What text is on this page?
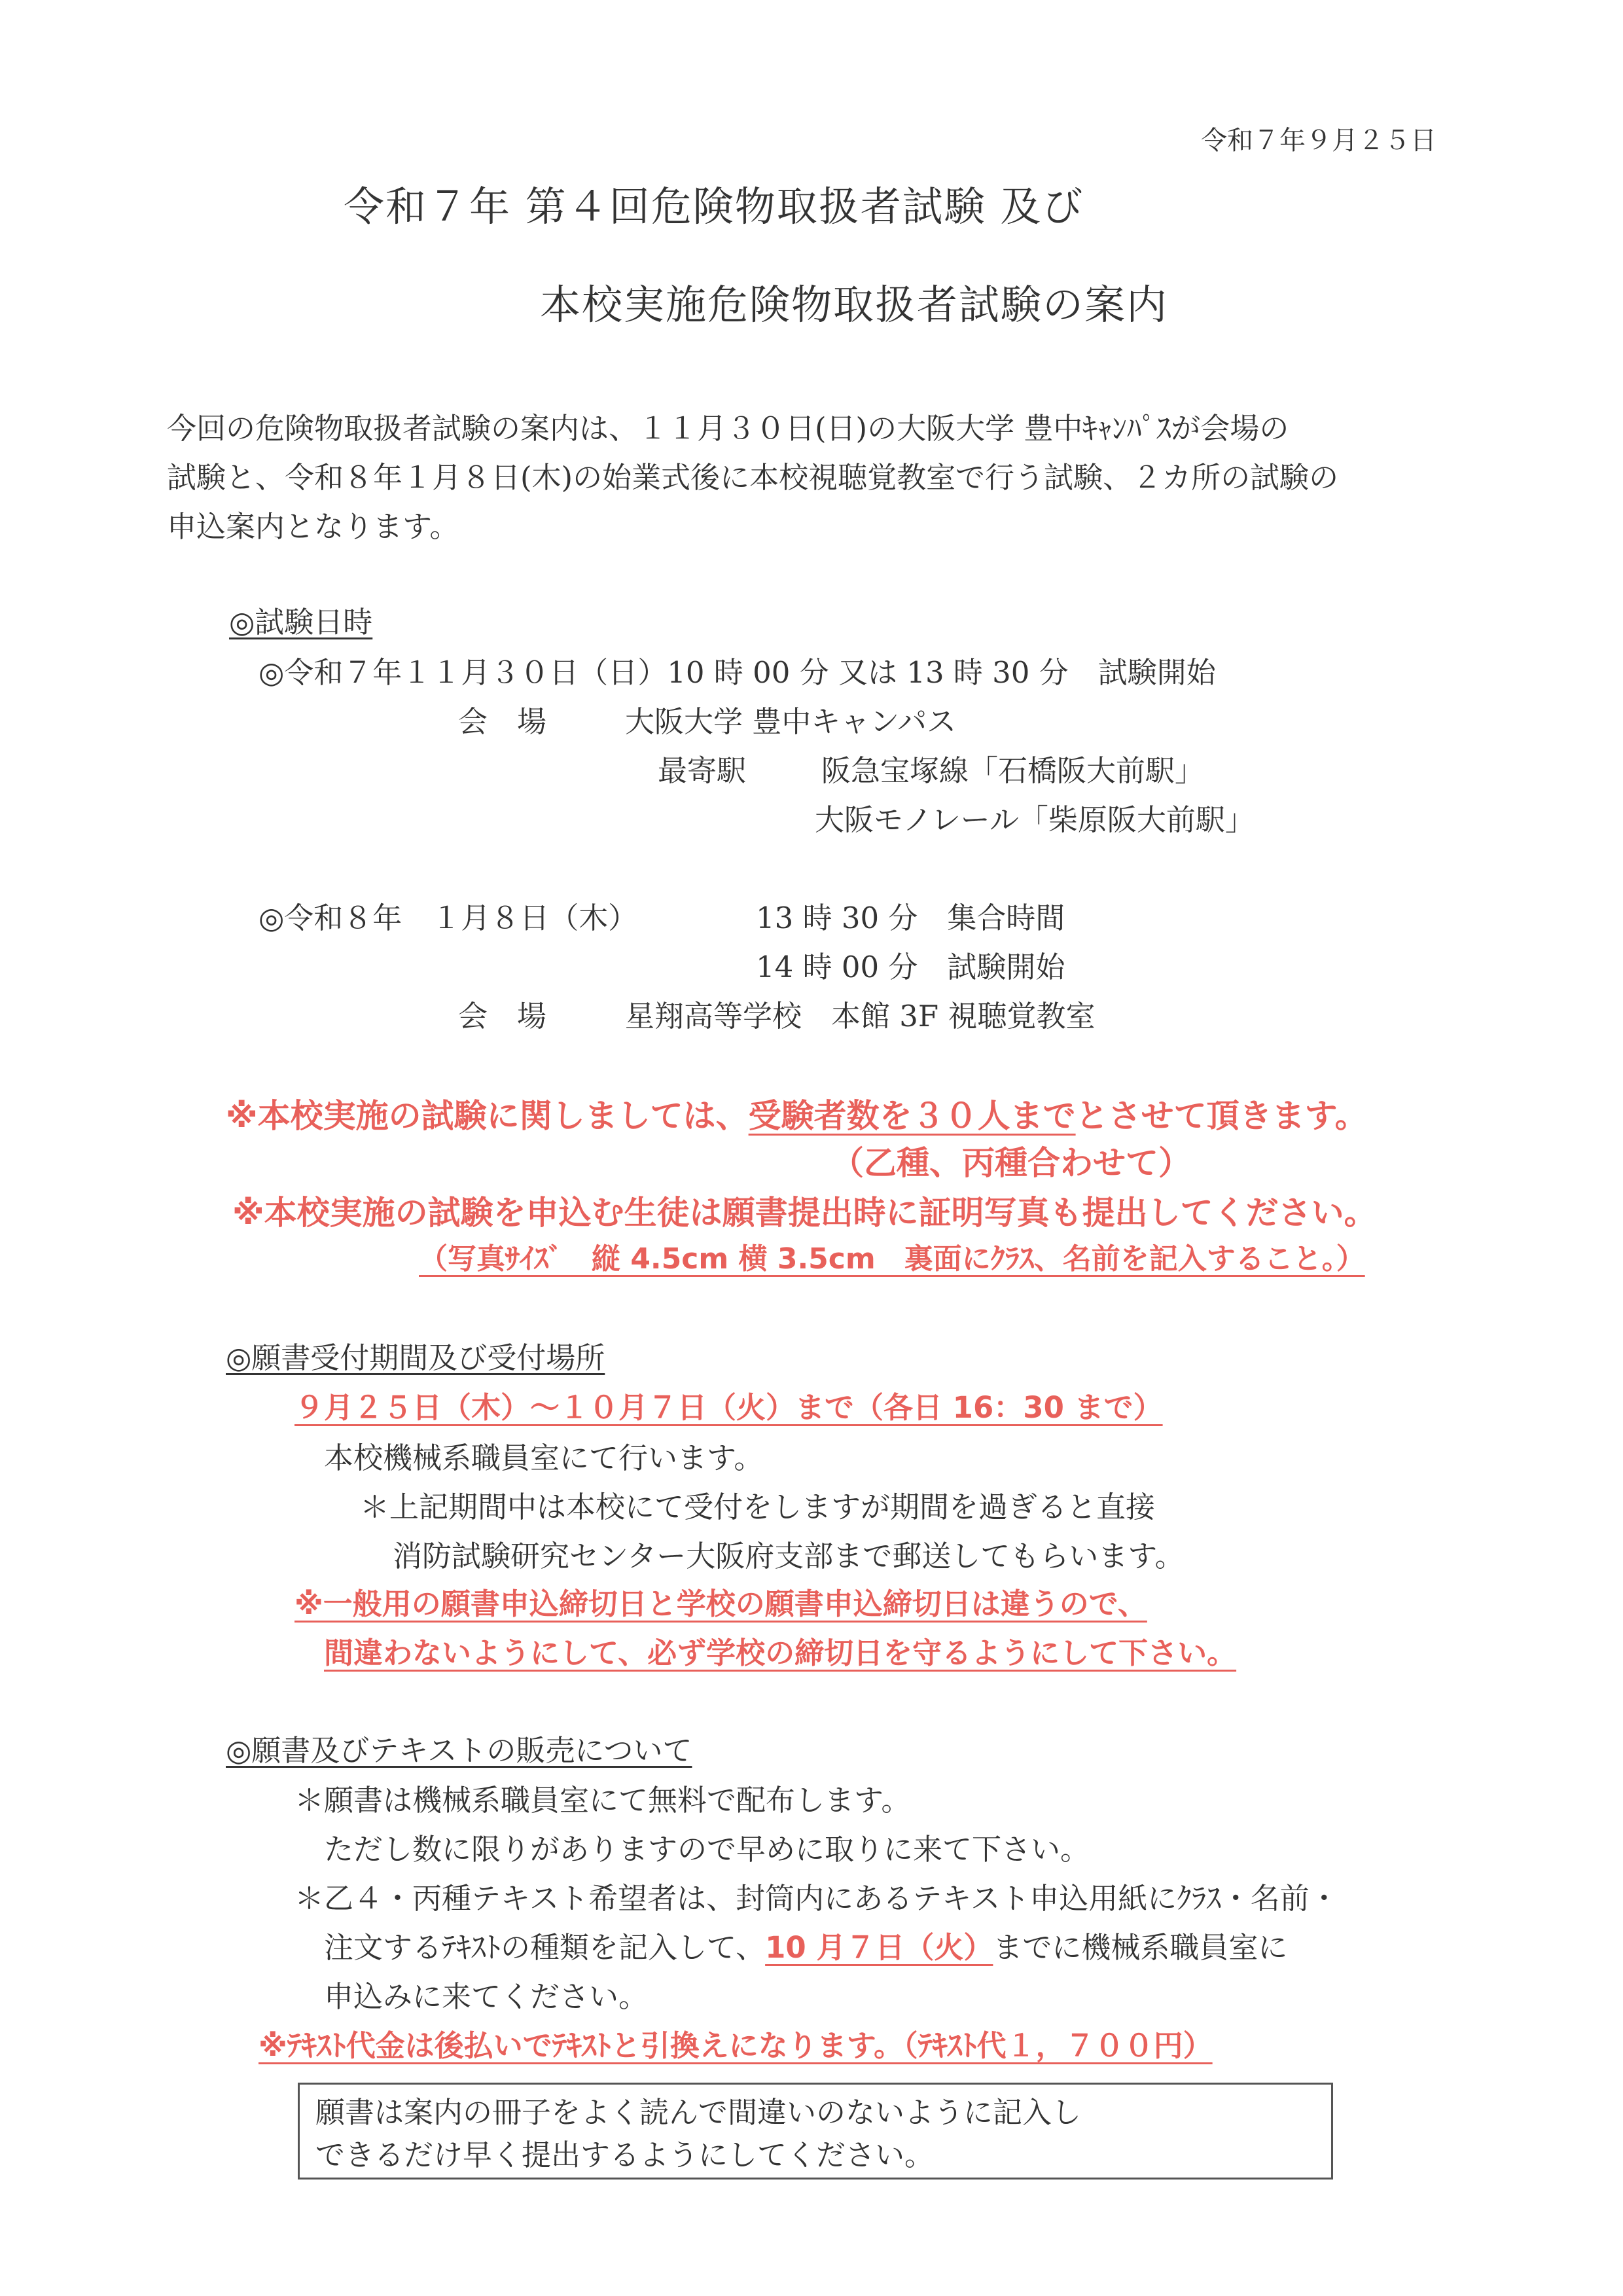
令和７年９月２５日
令和７年 第４回危険物取扱者試験 及び
本校実施危険物取扱者試験の案内
今回の危険物取扱者試験の案内は、１１月３０日(日)の大阪大学 豊中ｷｬﾝﾊﾟｽが会場の
試験と、令和８年１月８日(木)の始業式後に本校視聴覚教室で行う試験、２カ所の試験の
申込案内となります。
◎試験日時
◎令和７年１１月３０日（日）10 時 00 分 又は 13 時 30 分　試験開始
会　場	大阪大学 豊中キャンパス
最寄駅	阪急宝塚線「石橋阪大前駅」
大阪モノレール「柴原阪大前駅」
◎令和８年　１月８日（木）	13 時 30 分　集合時間
14 時 00 分　試験開始
会　場	星翔高等学校　本館 3F 視聴覚教室
※本校実施の試験に関しましては、受験者数を３０人までとさせて頂きます。
（乙種、丙種合わせて）
※本校実施の試験を申込む生徒は願書提出時に証明写真も提出してください。
（写真ｻｲｽﾞ　縦 4.5cm 横 3.5cm　裏面にｸﾗｽ、名前を記入すること。）
◎願書受付期間及び受付場所
９月２５日（木）～１０月７日（火）まで（各日 16：30 まで）
本校機械系職員室にて行います。
＊上記期間中は本校にて受付をしますが期間を過ぎると直接
消防試験研究センター大阪府支部まで郵送してもらいます。
※一般用の願書申込締切日と学校の願書申込締切日は違うので、
間違わないようにして、必ず学校の締切日を守るようにして下さい。
◎願書及びテキストの販売について
＊願書は機械系職員室にて無料で配布します。
ただし数に限りがありますので早めに取りに来て下さい。
＊乙４・丙種テキスト希望者は、封筒内にあるテキスト申込用紙にｸﾗｽ・名前・
注文するﾃｷｽﾄの種類を記入して、10 月７日（火）までに機械系職員室に
申込みに来てください。
※ﾃｷｽﾄ代金は後払いでﾃｷｽﾄと引換えになります。（ﾃｷｽﾄ代１，７００円）
願書は案内の冊子をよく読んで間違いのないように記入し
できるだけ早く提出するようにしてください。
